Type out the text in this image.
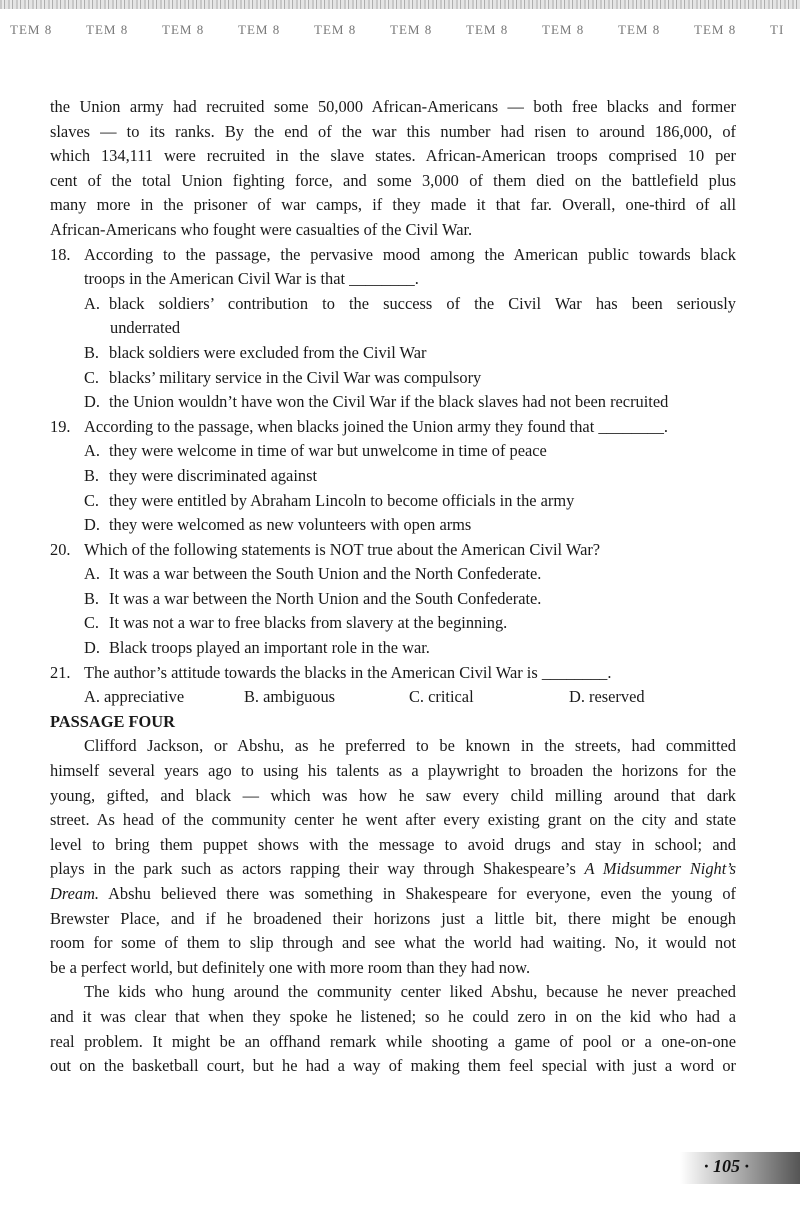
TEM 8	TEM 8	TEM 8	TEM 8	TEM 8	TEM 8	TEM 8	TEM 8	TEM 8	TEM 8	TI
the Union army had recruited some 50,000 African-Americans — both free blacks and former
slaves — to its ranks. By the end of the war this number had risen to around 186,000, of
which 134,111 were recruited in the slave states. African-American troops comprised 10 per
cent of the total Union fighting force, and some 3,000 of them died on the battlefield plus
many more in the prisoner of war camps, if they made it that far. Overall, one-third of all
African-Americans who fought were casualties of the Civil War.
18. According to the passage, the pervasive mood among the American public towards black
troops in the American Civil War is that ________.
A. black soldiers’ contribution to the success of the Civil War has been seriously
underrated
B. black soldiers were excluded from the Civil War
C. blacks’ military service in the Civil War was compulsory
D. the Union wouldn’t have won the Civil War if the black slaves had not been recruited
19. According to the passage, when blacks joined the Union army they found that ________.
A. they were welcome in time of war but unwelcome in time of peace
B. they were discriminated against
C. they were entitled by Abraham Lincoln to become officials in the army
D. they were welcomed as new volunteers with open arms
20. Which of the following statements is NOT true about the American Civil War?
A. It was a war between the South Union and the North Confederate.
B. It was a war between the North Union and the South Confederate.
C. It was not a war to free blacks from slavery at the beginning.
D. Black troops played an important role in the war.
21. The author’s attitude towards the blacks in the American Civil War is ________.
A. appreciative	B. ambiguous	C. critical	D. reserved
PASSAGE FOUR
Clifford Jackson, or Abshu, as he preferred to be known in the streets, had committed
himself several years ago to using his talents as a playwright to broaden the horizons for the
young, gifted, and black — which was how he saw every child milling around that dark
street. As head of the community center he went after every existing grant on the city and state
level to bring them puppet shows with the message to avoid drugs and stay in school; and
plays in the park such as actors rapping their way through Shakespeare’s A Midsummer Night’s
Dream. Abshu believed there was something in Shakespeare for everyone, even the young of
Brewster Place, and if he broadened their horizons just a little bit, there might be enough
room for some of them to slip through and see what the world had waiting. No, it would not
be a perfect world, but definitely one with more room than they had now.
The kids who hung around the community center liked Abshu, because he never preached
and it was clear that when they spoke he listened; so he could zero in on the kid who had a
real problem. It might be an offhand remark while shooting a game of pool or a one-on-one
out on the basketball court, but he had a way of making them feel special with just a word or
· 105 ·
